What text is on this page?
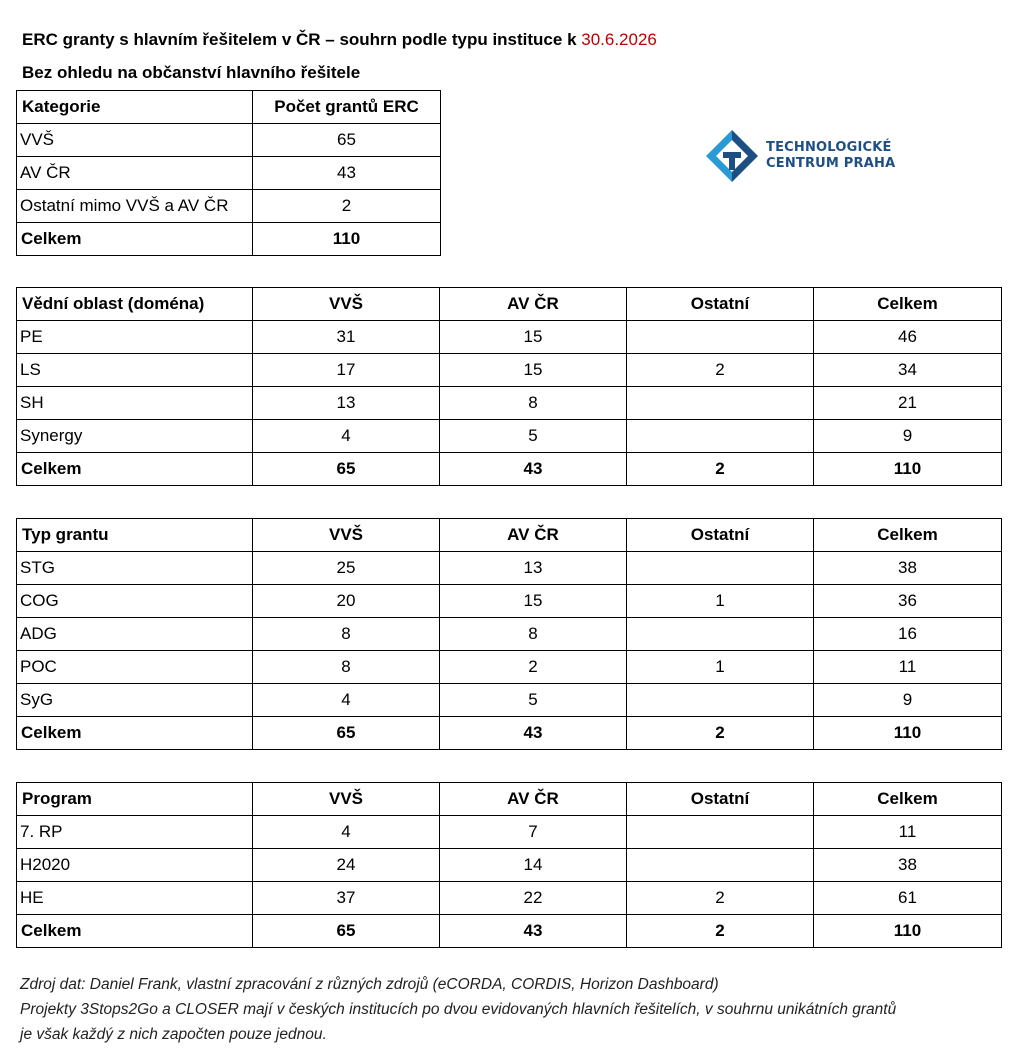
ERC granty s hlavním řešitelem v ČR – souhrn podle typu instituce k 30.6.2026
Bez ohledu na občanství hlavního řešitele
Kategorie	Počet grantů ERC
VVŠ	65
AV ČR	43
Ostatní mimo VVŠ a AV ČR	2
Celkem	110
TECHNOLOGICKÉ
CENTRUM PRAHA
Vědní oblast (doména)	VVŠ	AV ČR	Ostatní	Celkem
PE	31	15		46
LS	17	15	2	34
SH	13	8		21
Synergy	4	5		9
Celkem	65	43	2	110
Typ grantu	VVŠ	AV ČR	Ostatní	Celkem
STG	25	13		38
COG	20	15	1	36
ADG	8	8		16
POC	8	2	1	11
SyG	4	5		9
Celkem	65	43	2	110
Program	VVŠ	AV ČR	Ostatní	Celkem
7. RP	4	7		11
H2020	24	14		38
HE	37	22	2	61
Celkem	65	43	2	110
Zdroj dat: Daniel Frank, vlastní zpracování z různých zdrojů (eCORDA, CORDIS, Horizon Dashboard)
Projekty 3Stops2Go a CLOSER mají v českých institucích po dvou evidovaných hlavních řešitelích, v souhrnu unikátních grantů
je však každý z nich započten pouze jednou.
